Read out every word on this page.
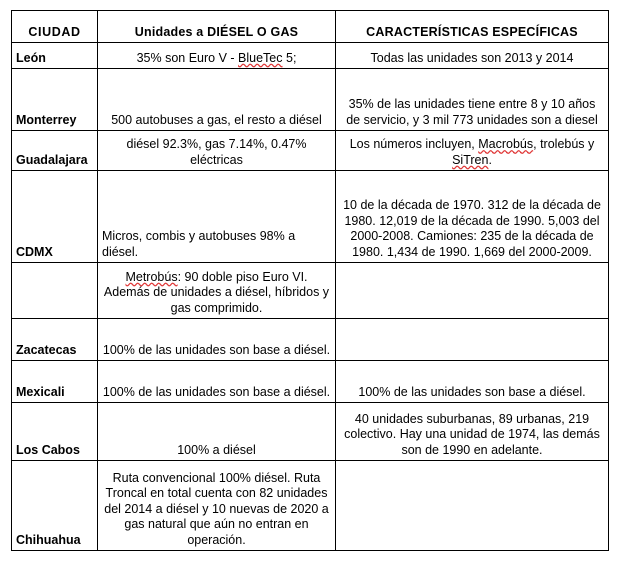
CIUDAD	Unidades a DIÉSEL O GAS	CARACTERÍSTICAS ESPECÍFICAS
León	35% son Euro V - BlueTec 5;	Todas las unidades son 2013 y 2014
Monterrey	500 autobuses a gas, el resto a diésel	35% de las unidades tiene entre 8 y 10 años de servicio, y 3 mil 773 unidades son a diesel
Guadalajara	diésel 92.3%, gas 7.14%, 0.47% eléctricas	Los números incluyen, Macrobús, trolebús y SiTren.
CDMX	Micros, combis y autobuses 98% a diésel.	10 de la década de 1970. 312 de la década de 1980. 12,019 de la década de 1990. 5,003 del 2000-2008. Camiones: 235 de la década de 1980. 1,434 de 1990. 1,669 del 2000-2009.
	Metrobús: 90 doble piso Euro VI. Además de unidades a diésel, híbridos y gas comprimido.	
Zacatecas	100% de las unidades son base a diésel.	
Mexicali	100% de las unidades son base a diésel.	100% de las unidades son base a diésel.
Los Cabos	100% a diésel	40 unidades suburbanas, 89 urbanas, 219 colectivo. Hay una unidad de 1974, las demás son de 1990 en adelante.
Chihuahua	Ruta convencional 100% diésel. Ruta Troncal en total cuenta con 82 unidades del 2014 a diésel y 10 nuevas de 2020 a gas natural que aún no entran en operación.	
